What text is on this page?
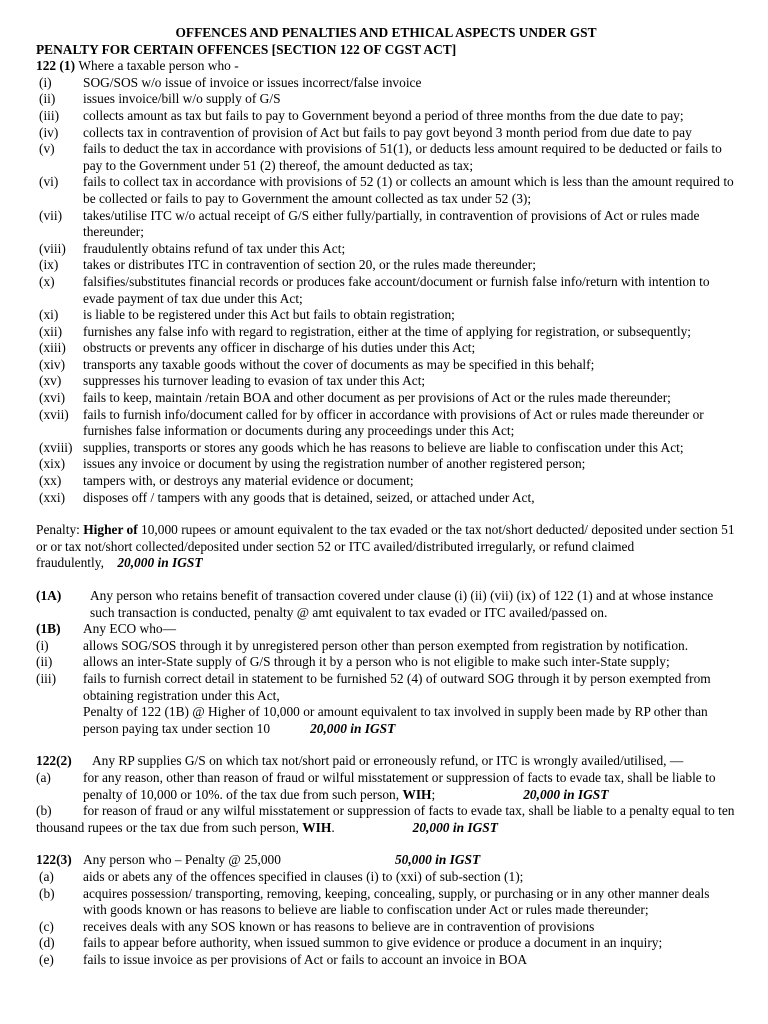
OFFENCES AND PENALTIES AND ETHICAL ASPECTS UNDER GST
PENALTY FOR CERTAIN OFFENCES [SECTION 122 OF CGST ACT]
122 (1)
Where a taxable person who -
(i)	SOG/SOS w/o issue of invoice or issues incorrect/false invoice
(ii)	issues invoice/bill w/o supply of G/S
(iii)	collects amount as tax but fails to pay to Government beyond a period of three months from the due date to pay;
(iv)	collects tax in contravention of provision of Act but fails to pay govt beyond 3 month period from due date to pay
(v)	fails to deduct the tax in accordance with provisions of 51(1), or deducts less amount required to be deducted or fails to pay to the Government under 51 (2) thereof, the amount deducted as tax;
(vi)	fails to collect tax in accordance with provisions of 52 (1) or collects an amount which is less than the amount required to be collected or fails to pay to Government the amount collected as tax under 52 (3);
(vii)	takes/utilise ITC w/o actual receipt of G/S either fully/partially, in contravention of provisions of Act or rules made thereunder;
(viii)	fraudulently obtains refund of tax under this Act;
(ix)	takes or distributes ITC in contravention of section 20, or the rules made thereunder;
(x)	falsifies/substitutes financial records or produces fake account/document or furnish false info/return with intention to evade payment of tax due under this Act;
(xi)	is liable to be registered under this Act but fails to obtain registration;
(xii)	furnishes any false info with regard to registration, either at the time of applying for registration, or subsequently;
(xiii)	obstructs or prevents any officer in discharge of his duties under this Act;
(xiv)	transports any taxable goods without the cover of documents as may be specified in this behalf;
(xv)	suppresses his turnover leading to evasion of tax under this Act;
(xvi)	fails to keep, maintain /retain BOA and other document as per provisions of Act or the rules made thereunder;
(xvii)	fails to furnish info/document called for by officer in accordance with provisions of Act or rules made thereunder or furnishes false information or documents during any proceedings under this Act;
(xviii) supplies, transports or stores any goods which he has reasons to believe are liable to confiscation under this Act;
(xix)	issues any invoice or document by using the registration number of another registered person;
(xx)	tampers with, or destroys any material evidence or document;
(xxi)	disposes off / tampers with any goods that is detained, seized, or attached under Act,
Penalty: Higher of 10,000 rupees or amount equivalent to the tax evaded or the tax not/short deducted/ deposited under section 51 or or tax not/short collected/deposited under section 52 or ITC availed/distributed irregularly, or refund claimed fraudulently, 20,000 in IGST
(1A)	Any person who retains benefit of transaction covered under clause (i) (ii) (vii) (ix) of 122 (1) and at whose instance such transaction is conducted, penalty @ amt equivalent to tax evaded or ITC availed/passed on.
(1B)	Any ECO who—
(i)	allows SOG/SOS through it by unregistered person other than person exempted from registration by notification.
(ii)	allows an inter-State supply of G/S through it by a person who is not eligible to make such inter-State supply;
(iii)	fails to furnish correct detail in statement to be furnished 52 (4) of outward SOG through it by person exempted from obtaining registration under this Act,
Penalty of 122 (1B) @ Higher of 10,000 or amount equivalent to tax involved in supply been made by RP other than person paying tax under section 10	20,000 in IGST
122(2)	Any RP supplies G/S on which tax not/short paid or erroneously refund, or ITC is wrongly availed/utilised, —
(a)	for any reason, other than reason of fraud or wilful misstatement or suppression of facts to evade tax, shall be liable to penalty of 10,000 or 10%. of the tax due from such person, WIH;	20,000 in IGST
(b) for reason of fraud or any wilful misstatement or suppression of facts to evade tax, shall be liable to a penalty equal to ten thousand rupees or the tax due from such person, WIH.	20,000 in IGST
122(3) Any person who – Penalty @ 25,000	50,000 in IGST
(a)	aids or abets any of the offences specified in clauses (i) to (xxi) of sub-section (1);
(b)	acquires possession/ transporting, removing, keeping, concealing, supply, or purchasing or in any other manner deals with goods known or has reasons to believe are liable to confiscation under Act or rules made thereunder;
(c)	receives deals with any SOS known or has reasons to believe are in contravention of provisions
(d)	fails to appear before authority, when issued summon to give evidence or produce a document in an inquiry;
(e)	fails to issue invoice as per provisions of Act or fails to account an invoice in BOA
